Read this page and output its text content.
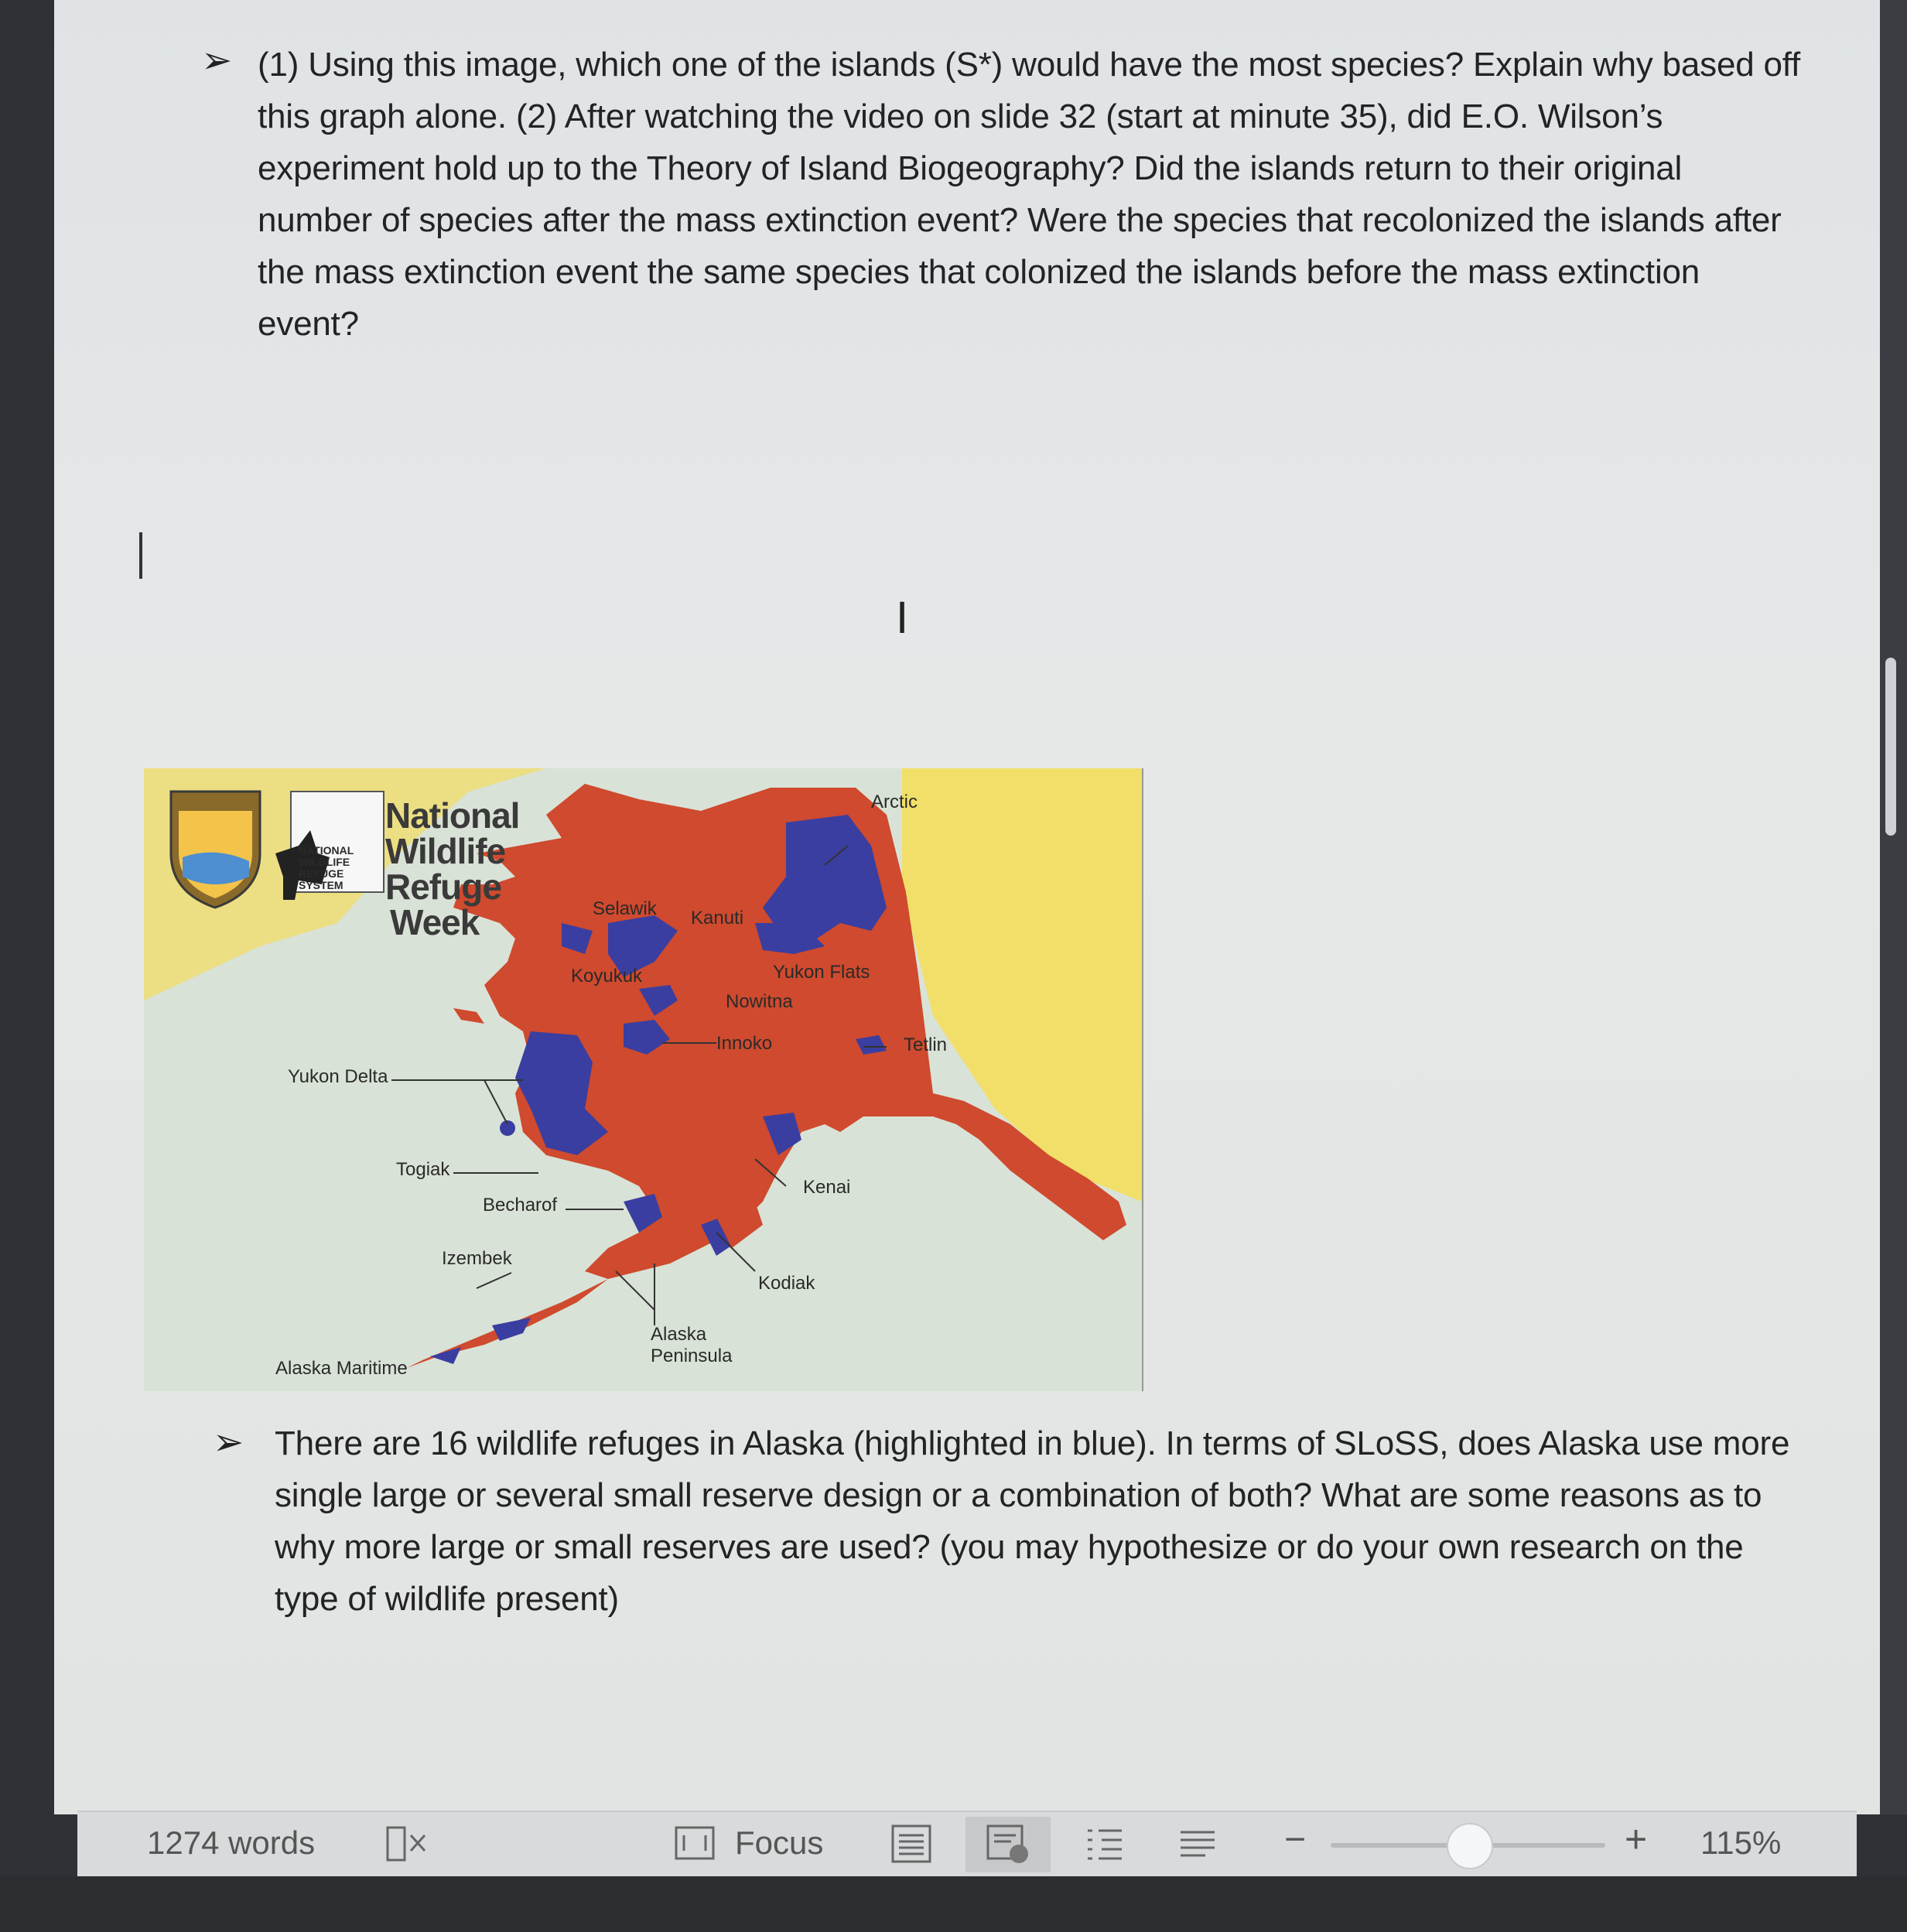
➢ (1) Using this image, which one of the islands (S*) would have the most species? Explain why based off this graph alone. (2) After watching the video on slide 32 (start at minute 35), did E.O. Wilson’s experiment hold up to the Theory of Island Biogeography? Did the islands return to their original number of species after the mass extinction event? Were the species that recolonized the islands after the mass extinction event the same species that colonized the islands before the mass extinction event?
I
National
Wildlife
Refuge
Week
NATIONAL
WILDLIFE
REFUGE
SYSTEM
Arctic
Selawik Kanuti
Koyukuk	Yukon Flats
Nowitna
Innoko	Tetlin
Yukon Delta
Togiak
Becharof
Kenai
Izembek
Kodiak
Alaska
Peninsula
Alaska Maritime
➢ There are 16 wildlife refuges in Alaska (highlighted in blue). In terms of SLoSS, does Alaska use more single large or several small reserve design or a combination of both? What are some reasons as to why more large or small reserves are used? (you may hypothesize or do your own research on the type of wildlife present)
1274 words	Focus	−	+ 115%
